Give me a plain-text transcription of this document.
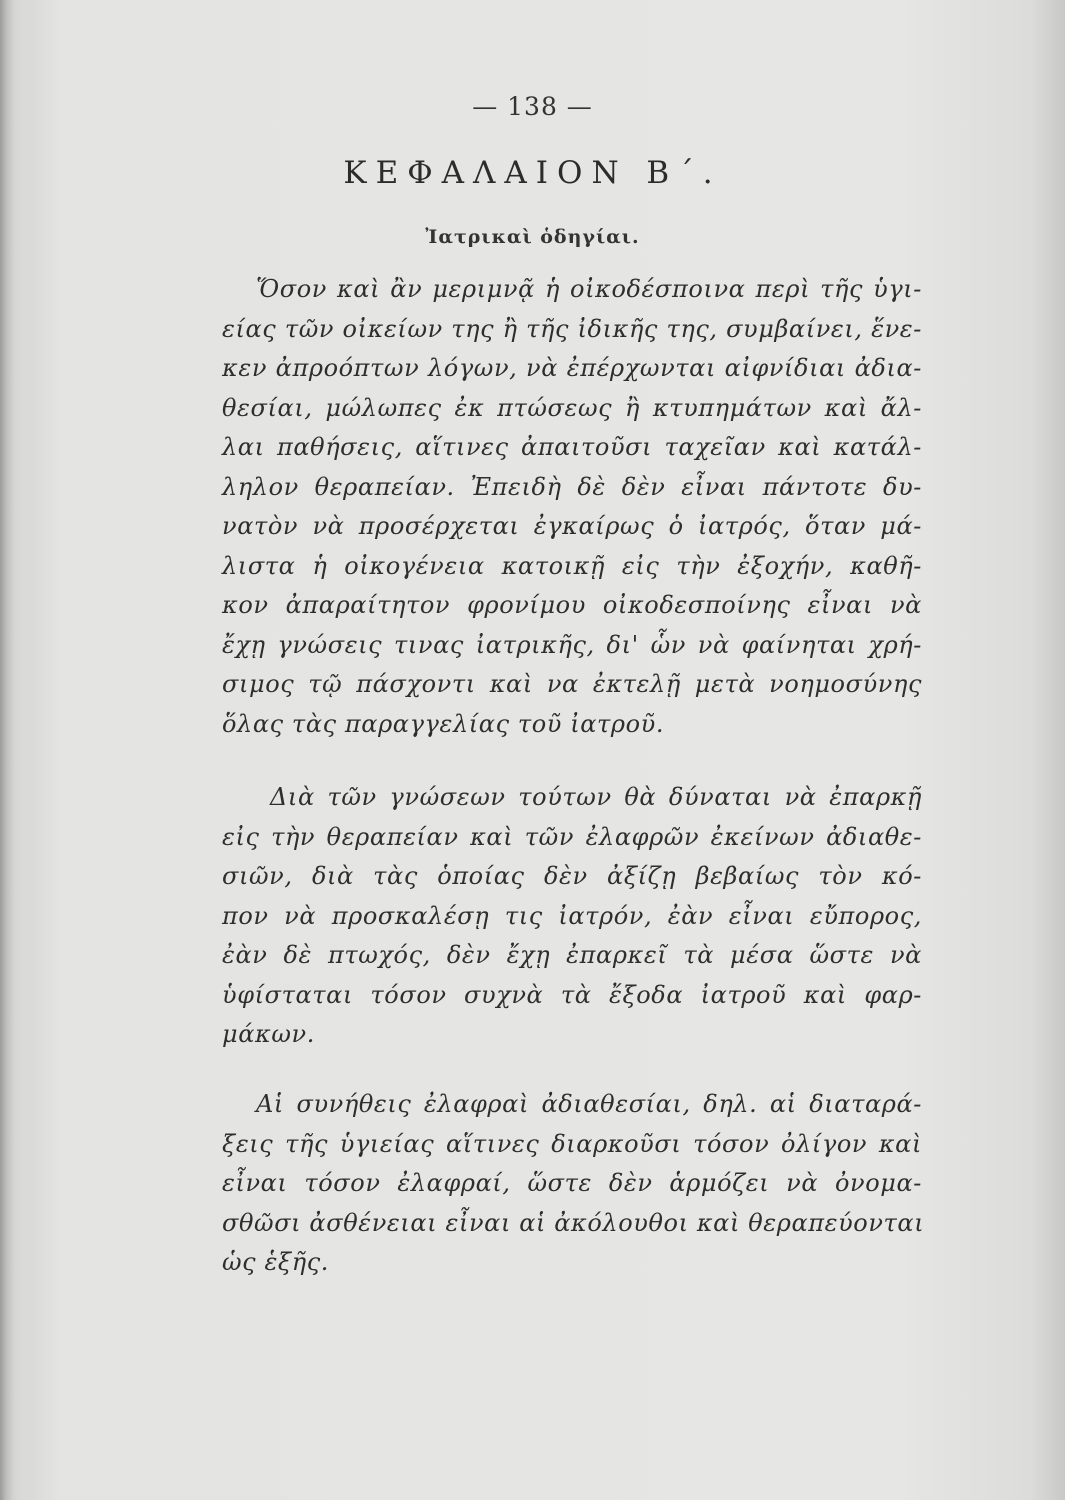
— 138 —
ΚΕΦΑΛΑΙΟΝ Β΄.
Ἰατρικαὶ ὁδηγίαι.
Ὅσον καὶ ἂν μεριμνᾷ ἡ οἰκοδέσποινα περὶ τῆς ὑγι-
είας τῶν οἰκείων της ἢ τῆς ἰδικῆς της, συμβαίνει, ἕνε-
κεν ἀπροόπτων λόγων, νὰ ἐπέρχωνται αἰφνίδιαι ἀδια-
θεσίαι, μώλωπες ἐκ πτώσεως ἢ κτυπημάτων καὶ ἄλ-
λαι παθήσεις, αἵτινες ἀπαιτοῦσι ταχεῖαν καὶ κατάλ-
ληλον θεραπείαν. Ἐπειδὴ δὲ δὲν εἶναι πάντοτε δυ-
νατὸν νὰ προσέρχεται ἐγκαίρως ὁ ἰατρός, ὅταν μά-
λιστα ἡ οἰκογένεια κατοικῇ εἰς τὴν ἐξοχήν, καθῆ-
κον ἀπαραίτητον φρονίμου οἰκοδεσποίνης εἶναι νὰ
ἔχῃ γνώσεις τινας ἰατρικῆς, δι' ὧν νὰ φαίνηται χρή-
σιμος τῷ πάσχοντι καὶ να ἐκτελῇ μετὰ νοημοσύνης
ὅλας τὰς παραγγελίας τοῦ ἰατροῦ.
Διὰ τῶν γνώσεων τούτων θὰ δύναται νὰ ἐπαρκῇ
εἰς τὴν θεραπείαν καὶ τῶν ἐλαφρῶν ἐκείνων ἀδιαθε-
σιῶν, διὰ τὰς ὁποίας δὲν ἀξίζῃ βεβαίως τὸν κό-
πον νὰ προσκαλέσῃ τις ἰατρόν, ἐὰν εἶναι εὔπορος,
ἐὰν δὲ πτωχός, δὲν ἔχῃ ἐπαρκεῖ τὰ μέσα ὥστε νὰ
ὑφίσταται τόσον συχνὰ τὰ ἔξοδα ἰατροῦ καὶ φαρ-
μάκων.
Αἱ συνήθεις ἐλαφραὶ ἀδιαθεσίαι, δηλ. αἱ διαταρά-
ξεις τῆς ὑγιείας αἵτινες διαρκοῦσι τόσον ὀλίγον καὶ
εἶναι τόσον ἐλαφραί, ὥστε δὲν ἁρμόζει νὰ ὀνομα-
σθῶσι ἀσθένειαι εἶναι αἱ ἀκόλουθοι καὶ θεραπεύονται
ὡς ἑξῆς.
